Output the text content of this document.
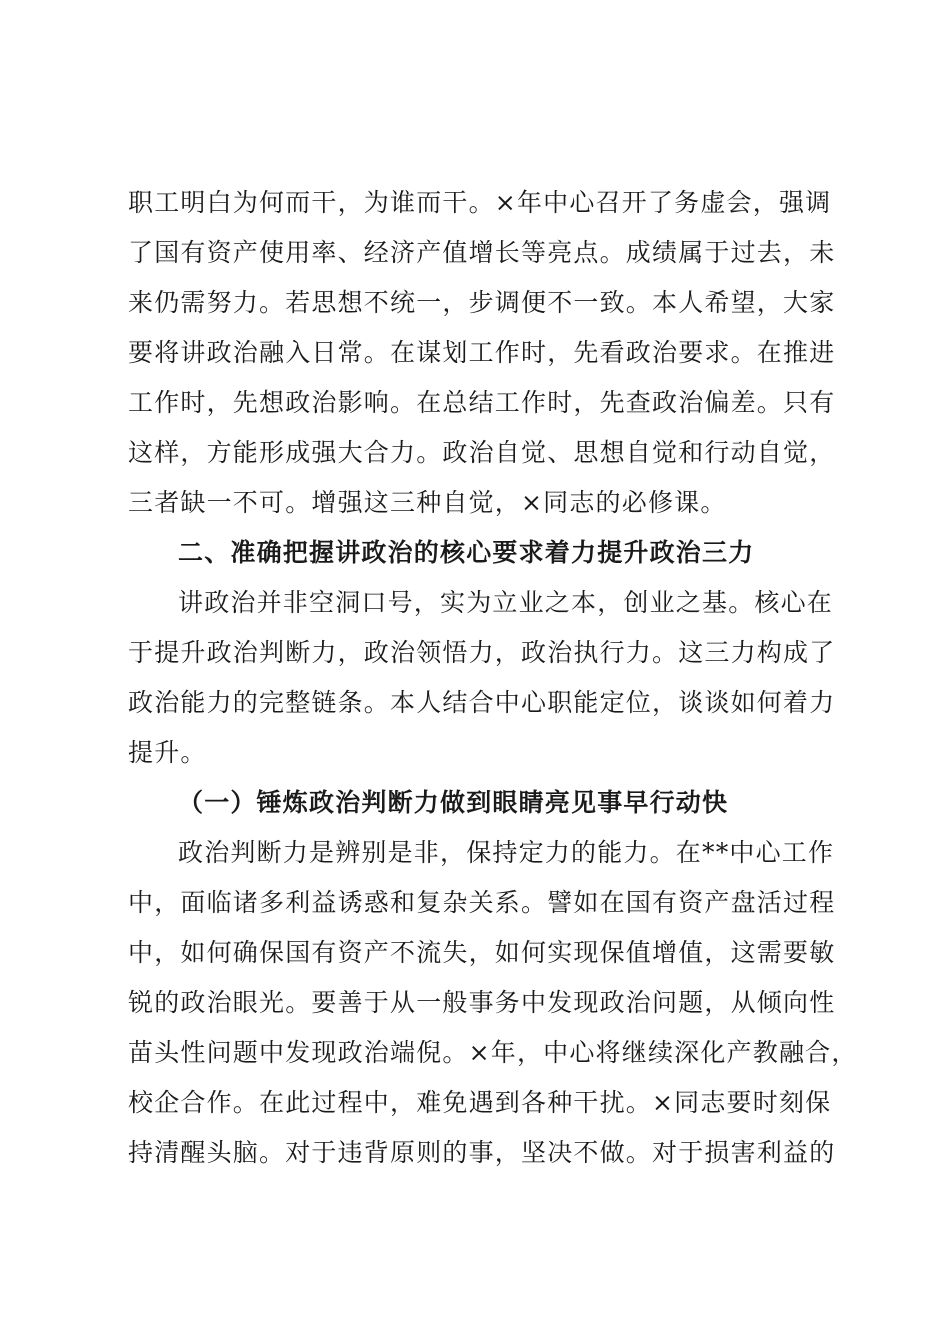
职工明白为何而干，为谁而干。×年中心召开了务虚会，强调
了国有资产使用率、经济产值增长等亮点。成绩属于过去，未
来仍需努力。若思想不统一，步调便不一致。本人希望，大家
要将讲政治融入日常。在谋划工作时，先看政治要求。在推进
工作时，先想政治影响。在总结工作时，先查政治偏差。只有
这样，方能形成强大合力。政治自觉、思想自觉和行动自觉，
三者缺一不可。增强这三种自觉，×同志的必修课。
二、准确把握讲政治的核心要求着力提升政治三力
讲政治并非空洞口号，实为立业之本，创业之基。核心在
于提升政治判断力，政治领悟力，政治执行力。这三力构成了
政治能力的完整链条。本人结合中心职能定位，谈谈如何着力
提升。
（一）锤炼政治判断力做到眼睛亮见事早行动快
政治判断力是辨别是非，保持定力的能力。在**中心工作
中，面临诸多利益诱惑和复杂关系。譬如在国有资产盘活过程
中，如何确保国有资产不流失，如何实现保值增值，这需要敏
锐的政治眼光。要善于从一般事务中发现政治问题，从倾向性
苗头性问题中发现政治端倪。×年，中心将继续深化产教融合，
校企合作。在此过程中，难免遇到各种干扰。×同志要时刻保
持清醒头脑。对于违背原则的事，坚决不做。对于损害利益的
